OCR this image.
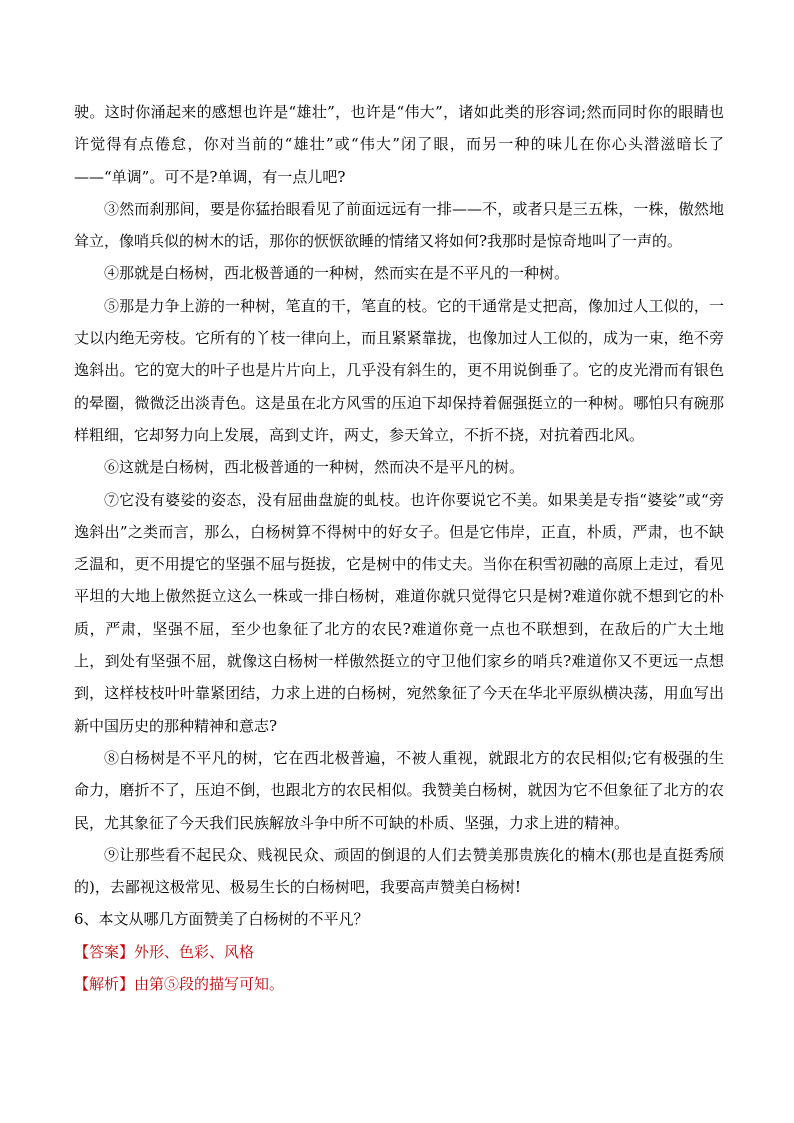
驶。这时你涌起来的感想也许是“雄壮”，也许是“伟大”，诸如此类的形容词;然而同时你的眼睛也许觉得有点倦怠，你对当前的“雄壮”或“伟大”闭了眼，而另一种的味儿在你心头潜滋暗长了——“单调”。可不是?单调，有一点儿吧?

③然而刹那间，要是你猛抬眼看见了前面远远有一排——不，或者只是三五株，一株，傲然地耸立，像哨兵似的树木的话，那你的恹恹欲睡的情绪又将如何?我那时是惊奇地叫了一声的。

④那就是白杨树，西北极普通的一种树，然而实在是不平凡的一种树。

⑤那是力争上游的一种树，笔直的干，笔直的枝。它的干通常是丈把高，像加过人工似的，一丈以内绝无旁枝。它所有的丫枝一律向上，而且紧紧靠拢，也像加过人工似的，成为一束，绝不旁逸斜出。它的宽大的叶子也是片片向上，几乎没有斜生的，更不用说倒垂了。它的皮光滑而有银色的晕圈，微微泛出淡青色。这是虽在北方风雪的压迫下却保持着倔强挺立的一种树。哪怕只有碗那样粗细，它却努力向上发展，高到丈许，两丈，参天耸立，不折不挠，对抗着西北风。

⑥这就是白杨树，西北极普通的一种树，然而决不是平凡的树。

⑦它没有婆娑的姿态，没有屈曲盘旋的虬枝。也许你要说它不美。如果美是专指“婆娑”或“旁逸斜出”之类而言，那么，白杨树算不得树中的好女子。但是它伟岸，正直，朴质，严肃，也不缺乏温和，更不用提它的坚强不屈与挺拔，它是树中的伟丈夫。当你在积雪初融的高原上走过，看见平坦的大地上傲然挺立这么一株或一排白杨树，难道你就只觉得它只是树?难道你就不想到它的朴质，严肃，坚强不屈，至少也象征了北方的农民?难道你竟一点也不联想到，在敌后的广大土地上，到处有坚强不屈，就像这白杨树一样傲然挺立的守卫他们家乡的哨兵?难道你又不更远一点想到，这样枝枝叶叶靠紧团结，力求上进的白杨树，宛然象征了今天在华北平原纵横决荡，用血写出新中国历史的那种精神和意志?

⑧白杨树是不平凡的树，它在西北极普遍，不被人重视，就跟北方的农民相似;它有极强的生命力，磨折不了，压迫不倒，也跟北方的农民相似。我赞美白杨树，就因为它不但象征了北方的农民，尤其象征了今天我们民族解放斗争中所不可缺的朴质、坚强，力求上进的精神。

⑨让那些看不起民众、贱视民众、顽固的倒退的人们去赞美那贵族化的楠木(那也是直挺秀颀的)，去鄙视这极常见、极易生长的白杨树吧，我要高声赞美白杨树!

6、本文从哪几方面赞美了白杨树的不平凡？

【答案】外形、色彩、风格

【解析】由第⑤段的描写可知。
